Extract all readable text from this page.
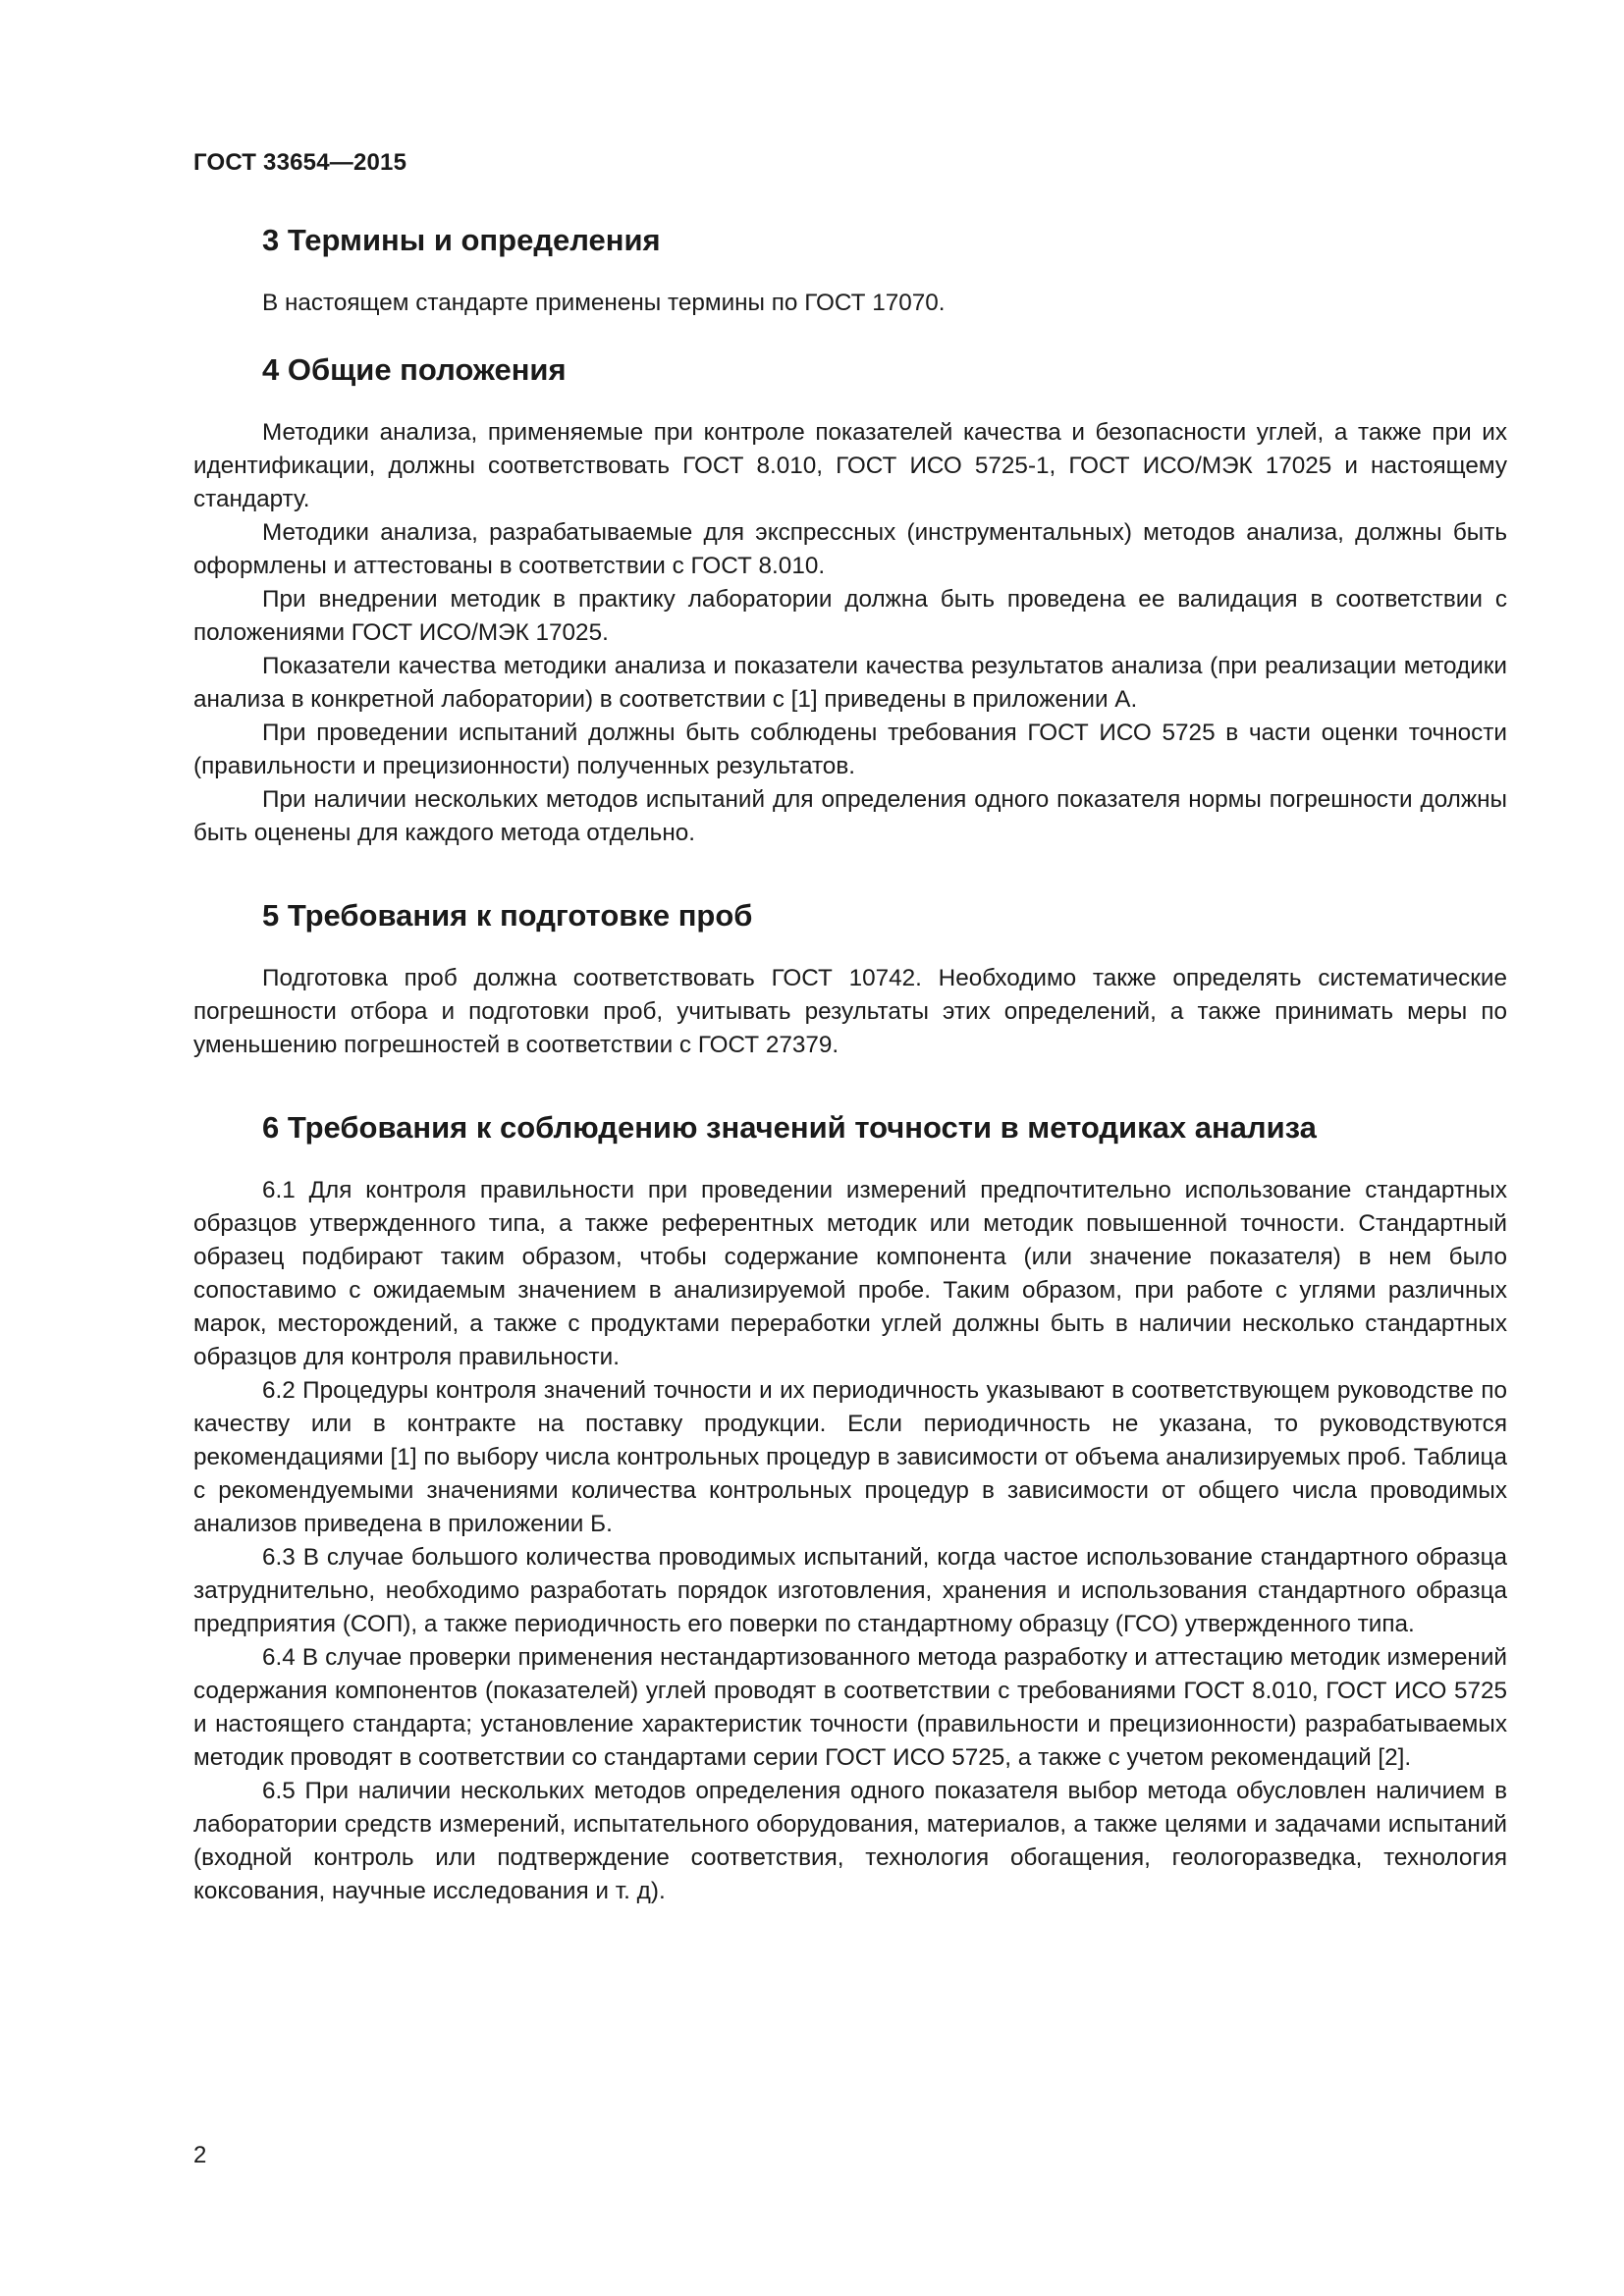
ГОСТ 33654—2015

3 Термины и определения

В настоящем стандарте применены термины по ГОСТ 17070.

4 Общие положения

Методики анализа, применяемые при контроле показателей качества и безопасности углей, а также при их идентификации, должны соответствовать ГОСТ 8.010, ГОСТ ИСО 5725-1, ГОСТ ИСО/МЭК 17025 и настоящему стандарту.

Методики анализа, разрабатываемые для экспрессных (инструментальных) методов анализа, должны быть оформлены и аттестованы в соответствии с ГОСТ 8.010.

При внедрении методик в практику лаборатории должна быть проведена ее валидация в соответствии с положениями ГОСТ ИСО/МЭК 17025.

Показатели качества методики анализа и показатели качества результатов анализа (при реализации методики анализа в конкретной лаборатории) в соответствии с [1] приведены в приложении А.

При проведении испытаний должны быть соблюдены требования ГОСТ ИСО 5725 в части оценки точности (правильности и прецизионности) полученных результатов.

При наличии нескольких методов испытаний для определения одного показателя нормы погрешности должны быть оценены для каждого метода отдельно.

5 Требования к подготовке проб

Подготовка проб должна соответствовать ГОСТ 10742. Необходимо также определять систематические погрешности отбора и подготовки проб, учитывать результаты этих определений, а также принимать меры по уменьшению погрешностей в соответствии с ГОСТ 27379.

6 Требования к соблюдению значений точности в методиках анализа

6.1 Для контроля правильности при проведении измерений предпочтительно использование стандартных образцов утвержденного типа, а также референтных методик или методик повышенной точности. Стандартный образец подбирают таким образом, чтобы содержание компонента (или значение показателя) в нем было сопоставимо с ожидаемым значением в анализируемой пробе. Таким образом, при работе с углями различных марок, месторождений, а также с продуктами переработки углей должны быть в наличии несколько стандартных образцов для контроля правильности.

6.2 Процедуры контроля значений точности и их периодичность указывают в соответствующем руководстве по качеству или в контракте на поставку продукции. Если периодичность не указана, то руководствуются рекомендациями [1] по выбору числа контрольных процедур в зависимости от объема анализируемых проб. Таблица с рекомендуемыми значениями количества контрольных процедур в зависимости от общего числа проводимых анализов приведена в приложении Б.

6.3 В случае большого количества проводимых испытаний, когда частое использование стандартного образца затруднительно, необходимо разработать порядок изготовления, хранения и использования стандартного образца предприятия (СОП), а также периодичность его поверки по стандартному образцу (ГСО) утвержденного типа.

6.4 В случае проверки применения нестандартизованного метода разработку и аттестацию методик измерений содержания компонентов (показателей) углей проводят в соответствии с требованиями ГОСТ 8.010, ГОСТ ИСО 5725 и настоящего стандарта; установление характеристик точности (правильности и прецизионности) разрабатываемых методик проводят в соответствии со стандартами серии ГОСТ ИСО 5725, а также с учетом рекомендаций [2].

6.5 При наличии нескольких методов определения одного показателя выбор метода обусловлен наличием в лаборатории средств измерений, испытательного оборудования, материалов, а также целями и задачами испытаний (входной контроль или подтверждение соответствия, технология обогащения, геологоразведка, технология коксования, научные исследования и т. д).

2
